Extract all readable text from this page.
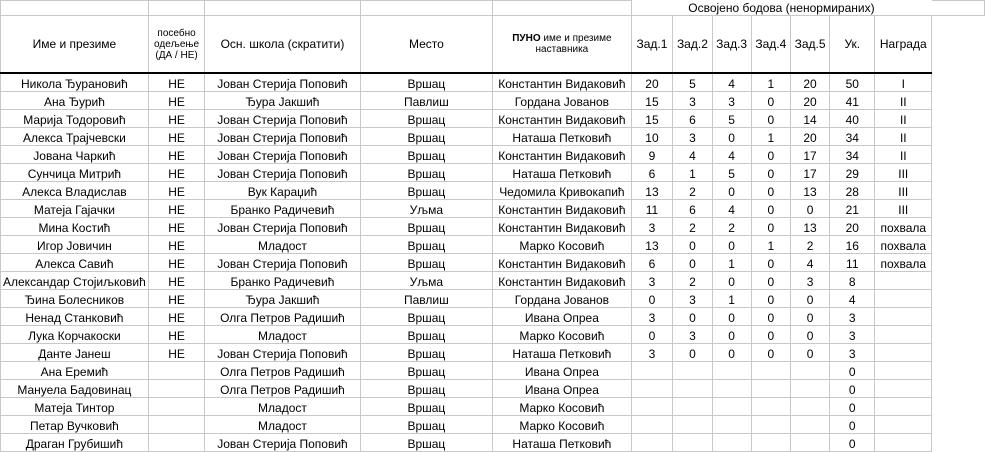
					Освојено бодова (ненормираних)							
Име и презиме	посебно одељење (ДА / НЕ)	Осн. школа (скратити)	Место	ПУНО име и презиме наставника	Зад.1	Зад.2	Зад.3	Зад.4	Зад.5	Ук.	Награда	
Никола Ђурановић	НЕ	Јован Стерија Поповић	Вршац	Константин Видаковић	20	5	4	1	20	50	I	
Ана Ђурић	НЕ	Ђура Јакшић	Павлиш	Гордана Јованов	15	3	3	0	20	41	II	
Марија Тодоровић	НЕ	Јован Стерија Поповић	Вршац	Константин Видаковић	15	6	5	0	14	40	II	
Алекса Трајчевски	НЕ	Јован Стерија Поповић	Вршац	Наташа Петковић	10	3	0	1	20	34	II	
Јована Чаркић	НЕ	Јован Стерија Поповић	Вршац	Константин Видаковић	9	4	4	0	17	34	II	
Сунчица Митрић	НЕ	Јован Стерија Поповић	Вршац	Наташа Петковић	6	1	5	0	17	29	III	
Алекса Владислав	НЕ	Вук Караџић	Вршац	Чедомила Кривокапић	13	2	0	0	13	28	III	
Матеја Гајачки	НЕ	Бранко Радичевић	Уљма	Константин Видаковић	11	6	4	0	0	21	III	
Мина Костић	НЕ	Јован Стерија Поповић	Вршац	Константин Видаковић	3	2	2	0	13	20	похвала	
Игор Јовичин	НЕ	Младост	Вршац	Марко Косовић	13	0	0	1	2	16	похвала	
Алекса Савић	НЕ	Јован Стерија Поповић	Вршац	Константин Видаковић	6	0	1	0	4	11	похвала	
Александар Стојиљковић	НЕ	Бранко Радичевић	Уљма	Константин Видаковић	3	2	0	0	3	8		
Ђина Болесников	НЕ	Ђура Јакшић	Павлиш	Гордана Јованов	0	3	1	0	0	4		
Ненад Станковић	НЕ	Олга Петров Радишић	Вршац	Ивана Опреа	3	0	0	0	0	3		
Лука Корчакоски	НЕ	Младост	Вршац	Марко Косовић	0	3	0	0	0	3		
Данте Јанеш	НЕ	Јован Стерија Поповић	Вршац	Наташа Петковић	3	0	0	0	0	3		
Ана Еремић		Олга Петров Радишић	Вршац	Ивана Опреа						0		
Мануела Бадовинац		Олга Петров Радишић	Вршац	Ивана Опреа						0		
Матеја Тинтор		Младост	Вршац	Марко Косовић						0		
Петар Вучковић		Младост	Вршац	Марко Косовић						0		
Драган Грубишић		Јован Стерија Поповић	Вршац	Наташа Петковић						0		
